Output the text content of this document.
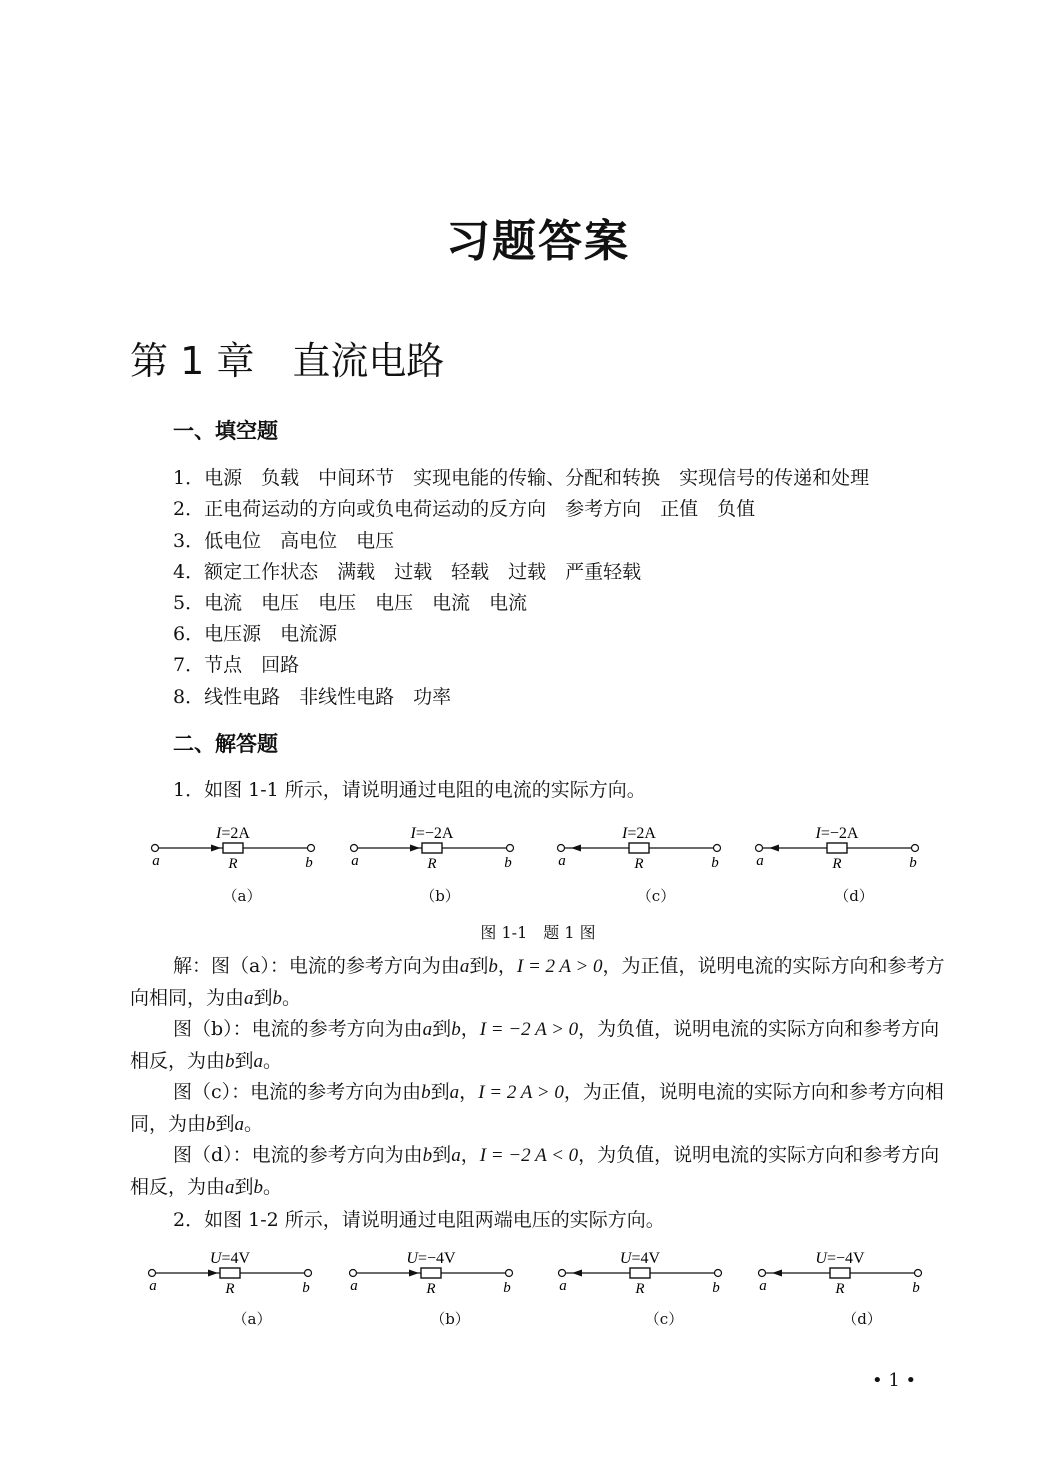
习题答案
第 1 章　直流电路
一、填空题
1．电源　负载　中间环节　实现电能的传输、分配和转换　实现信号的传递和处理
2．正电荷运动的方向或负电荷运动的反方向　参考方向　正值　负值
3．低电位　高电位　电压
4．额定工作状态　满载　过载　轻载　过载　严重轻载
5．电流　电压　电压　电压　电流　电流
6．电压源　电流源
7．节点　回路
8．线性电路　非线性电路　功率
二、解答题
1．如图 1-1 所示，请说明通过电阻的电流的实际方向。
I=2A
R
a	b
I=−2A
R
a	b
I=2A
R
a	b
I=−2A
R
a	b
（a）	（b）	（c）	（d）
图 1-1　题 1 图
解：图（a）：电流的参考方向为由a到b，I = 2 A > 0，为正值，说明电流的实际方向和参考方向相同，为由a到b。
图（b）：电流的参考方向为由a到b，I = −2 A > 0，为负值，说明电流的实际方向和参考方向相反，为由b到a。
图（c）：电流的参考方向为由b到a，I = 2 A > 0，为正值，说明电流的实际方向和参考方向相同，为由b到a。
图（d）：电流的参考方向为由b到a，I = −2 A < 0，为负值，说明电流的实际方向和参考方向相反，为由a到b。
2．如图 1-2 所示，请说明通过电阻两端电压的实际方向。
U=4V
R
a	b
U=−4V
R
a	b
U=4V
R
a	b
U=−4V
R
a	b
（a）	（b）	（c）	（d）
• 1 •
